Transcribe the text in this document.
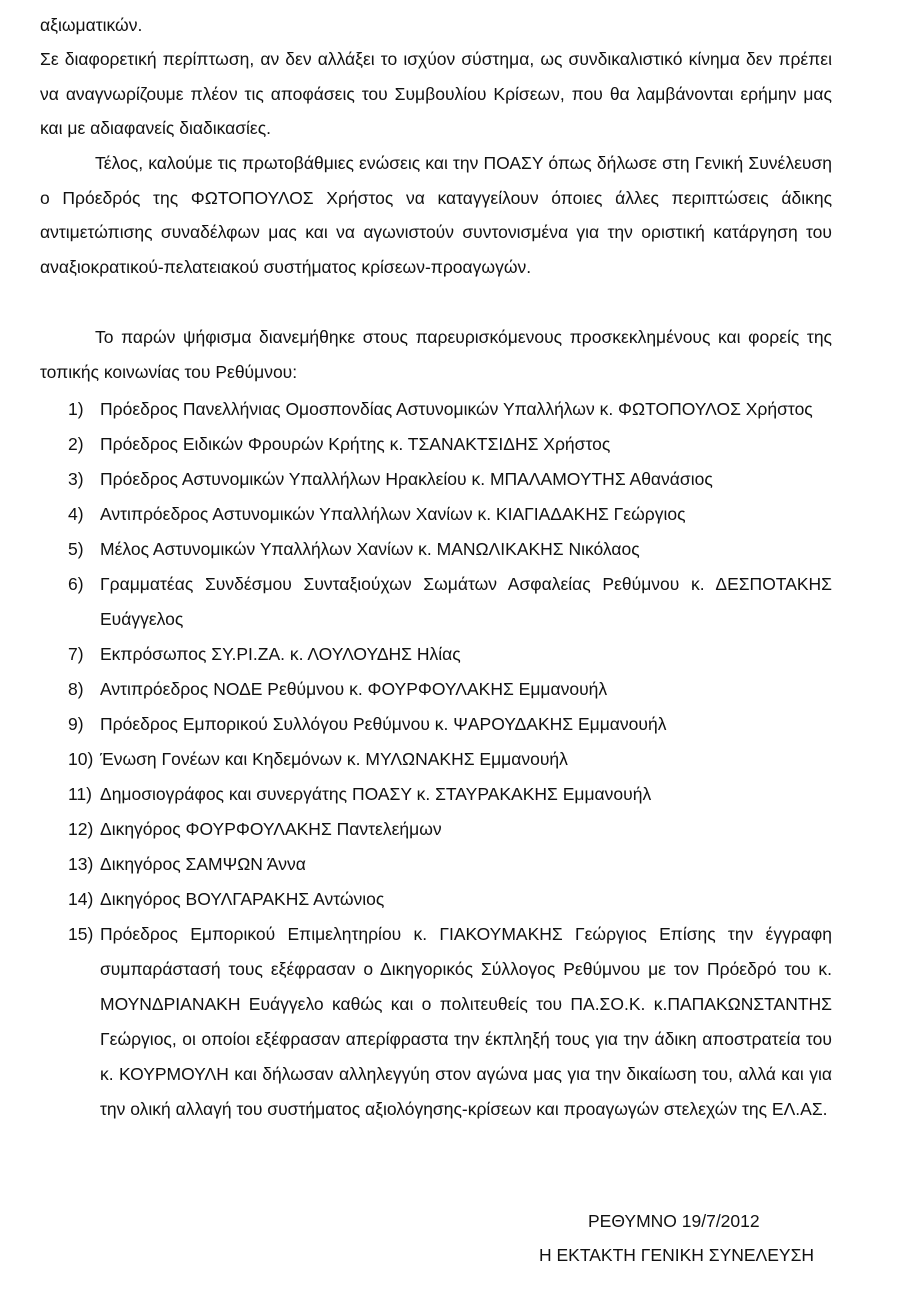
αξιωματικών.

Σε διαφορετική περίπτωση, αν δεν αλλάξει το ισχύον σύστημα, ως συνδικαλιστικό κίνημα δεν πρέπει να αναγνωρίζουμε πλέον τις αποφάσεις του Συμβουλίου Κρίσεων, που θα λαμβάνονται ερήμην μας και με αδιαφανείς διαδικασίες.

Τέλος, καλούμε τις πρωτοβάθμιες ενώσεις και την ΠΟΑΣΥ όπως δήλωσε στη Γενική Συνέλευση ο Πρόεδρός της ΦΩΤΟΠΟΥΛΟΣ Χρήστος να καταγγείλουν όποιες άλλες περιπτώσεις άδικης αντιμετώπισης συναδέλφων μας και να αγωνιστούν συντονισμένα για την οριστική κατάργηση του αναξιοκρατικού-πελατειακού συστήματος κρίσεων-προαγωγών.

Το παρών ψήφισμα διανεμήθηκε στους παρευρισκόμενους προσκεκλημένους και φορείς της τοπικής κοινωνίας του Ρεθύμνου:

1) Πρόεδρος Πανελλήνιας Ομοσπονδίας Αστυνομικών Υπαλλήλων κ. ΦΩΤΟΠΟΥΛΟΣ Χρήστος
2) Πρόεδρος Ειδικών Φρουρών Κρήτης κ. ΤΣΑΝΑΚΤΣΙΔΗΣ Χρήστος
3) Πρόεδρος Αστυνομικών Υπαλλήλων Ηρακλείου κ. ΜΠΑΛΑΜΟΥΤΗΣ Αθανάσιος
4) Αντιπρόεδρος Αστυνομικών Υπαλλήλων Χανίων κ. ΚΙΑΓΙΑΔΑΚΗΣ Γεώργιος
5) Μέλος Αστυνομικών Υπαλλήλων Χανίων κ. ΜΑΝΩΛΙΚΑΚΗΣ Νικόλαος
6) Γραμματέας Συνδέσμου Συνταξιούχων Σωμάτων Ασφαλείας Ρεθύμνου κ. ΔΕΣΠΟΤΑΚΗΣ Ευάγγελος
7) Εκπρόσωπος ΣΥ.ΡΙ.ΖΑ. κ. ΛΟΥΛΟΥΔΗΣ Ηλίας
8) Αντιπρόεδρος ΝΟΔΕ Ρεθύμνου κ. ΦΟΥΡΦΟΥΛΑΚΗΣ Εμμανουήλ
9) Πρόεδρος Εμπορικού Συλλόγου Ρεθύμνου κ. ΨΑΡΟΥΔΑΚΗΣ Εμμανουήλ
10) Ένωση Γονέων και Κηδεμόνων κ. ΜΥΛΩΝΑΚΗΣ Εμμανουήλ
11) Δημοσιογράφος και συνεργάτης ΠΟΑΣΥ κ. ΣΤΑΥΡΑΚΑΚΗΣ Εμμανουήλ
12) Δικηγόρος ΦΟΥΡΦΟΥΛΑΚΗΣ Παντελεήμων
13) Δικηγόρος ΣΑΜΨΩΝ Άννα
14) Δικηγόρος ΒΟΥΛΓΑΡΑΚΗΣ Αντώνιος
15) Πρόεδρος Εμπορικού Επιμελητηρίου κ. ΓΙΑΚΟΥΜΑΚΗΣ Γεώργιος Επίσης την έγγραφη συμπαράστασή τους εξέφρασαν ο Δικηγορικός Σύλλογος Ρεθύμνου με τον Πρόεδρό του κ. ΜΟΥΝΔΡΙΑΝΑΚΗ Ευάγγελο καθώς και ο πολιτευθείς του ΠΑ.ΣΟ.Κ. κ.ΠΑΠΑΚΩΝΣΤΑΝΤΗΣ Γεώργιος, οι οποίοι εξέφρασαν απερίφραστα την έκπληξή τους για την άδικη αποστρατεία του κ. ΚΟΥΡΜΟΥΛΗ και δήλωσαν αλληλεγγύη στον αγώνα μας για την δικαίωση του, αλλά και για την ολική αλλαγή του συστήματος αξιολόγησης-κρίσεων και προαγωγών στελεχών της ΕΛ.ΑΣ.
ΡΕΘΥΜΝΟ 19/7/2012
Η ΕΚΤΑΚΤΗ ΓΕΝΙΚΗ ΣΥΝΕΛΕΥΣΗ
